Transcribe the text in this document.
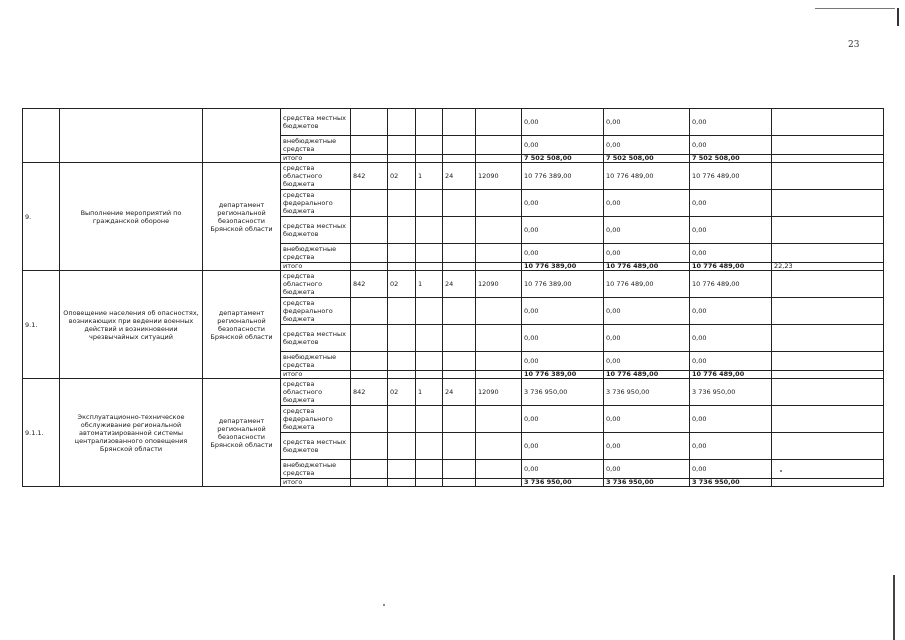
23
			средства местных бюджетов						0,00	0,00	0,00	
			внебюджетные средства						0,00	0,00	0,00	
			итого						7 502 508,00	7 502 508,00	7 502 508,00	
9.	Выполнение мероприятий по гражданской обороне	департамент региональной безопасности Брянской области	средства областного бюджета	842	02	1	24	12090	10 776 389,00	10 776 489,00	10 776 489,00	
			средства федерального бюджета						0,00	0,00	0,00	
			средства местных бюджетов						0,00	0,00	0,00	
			внебюджетные средства						0,00	0,00	0,00	
			итого						10 776 389,00	10 776 489,00	10 776 489,00	22,23
9.1.	Оповещение населения об опасностях, возникающих при ведении военных действий и возникновении чрезвычайных ситуаций	департамент региональной безопасности Брянской области	средства областного бюджета	842	02	1	24	12090	10 776 389,00	10 776 489,00	10 776 489,00	
			средства федерального бюджета						0,00	0,00	0,00	
			средства местных бюджетов						0,00	0,00	0,00	
			внебюджетные средства						0,00	0,00	0,00	
			итого						10 776 389,00	10 776 489,00	10 776 489,00	
9.1.1.	Эксплуатационно-техническое обслуживание региональной автоматизированной системы централизованного оповещения Брянской области	департамент региональной безопасности Брянской области	средства областного бюджета	842	02	1	24	12090	3 736 950,00	3 736 950,00	3 736 950,00	
			средства федерального бюджета						0,00	0,00	0,00	
			средства местных бюджетов						0,00	0,00	0,00	
			внебюджетные средства						0,00	0,00	0,00	
			итого						3 736 950,00	3 736 950,00	3 736 950,00	
